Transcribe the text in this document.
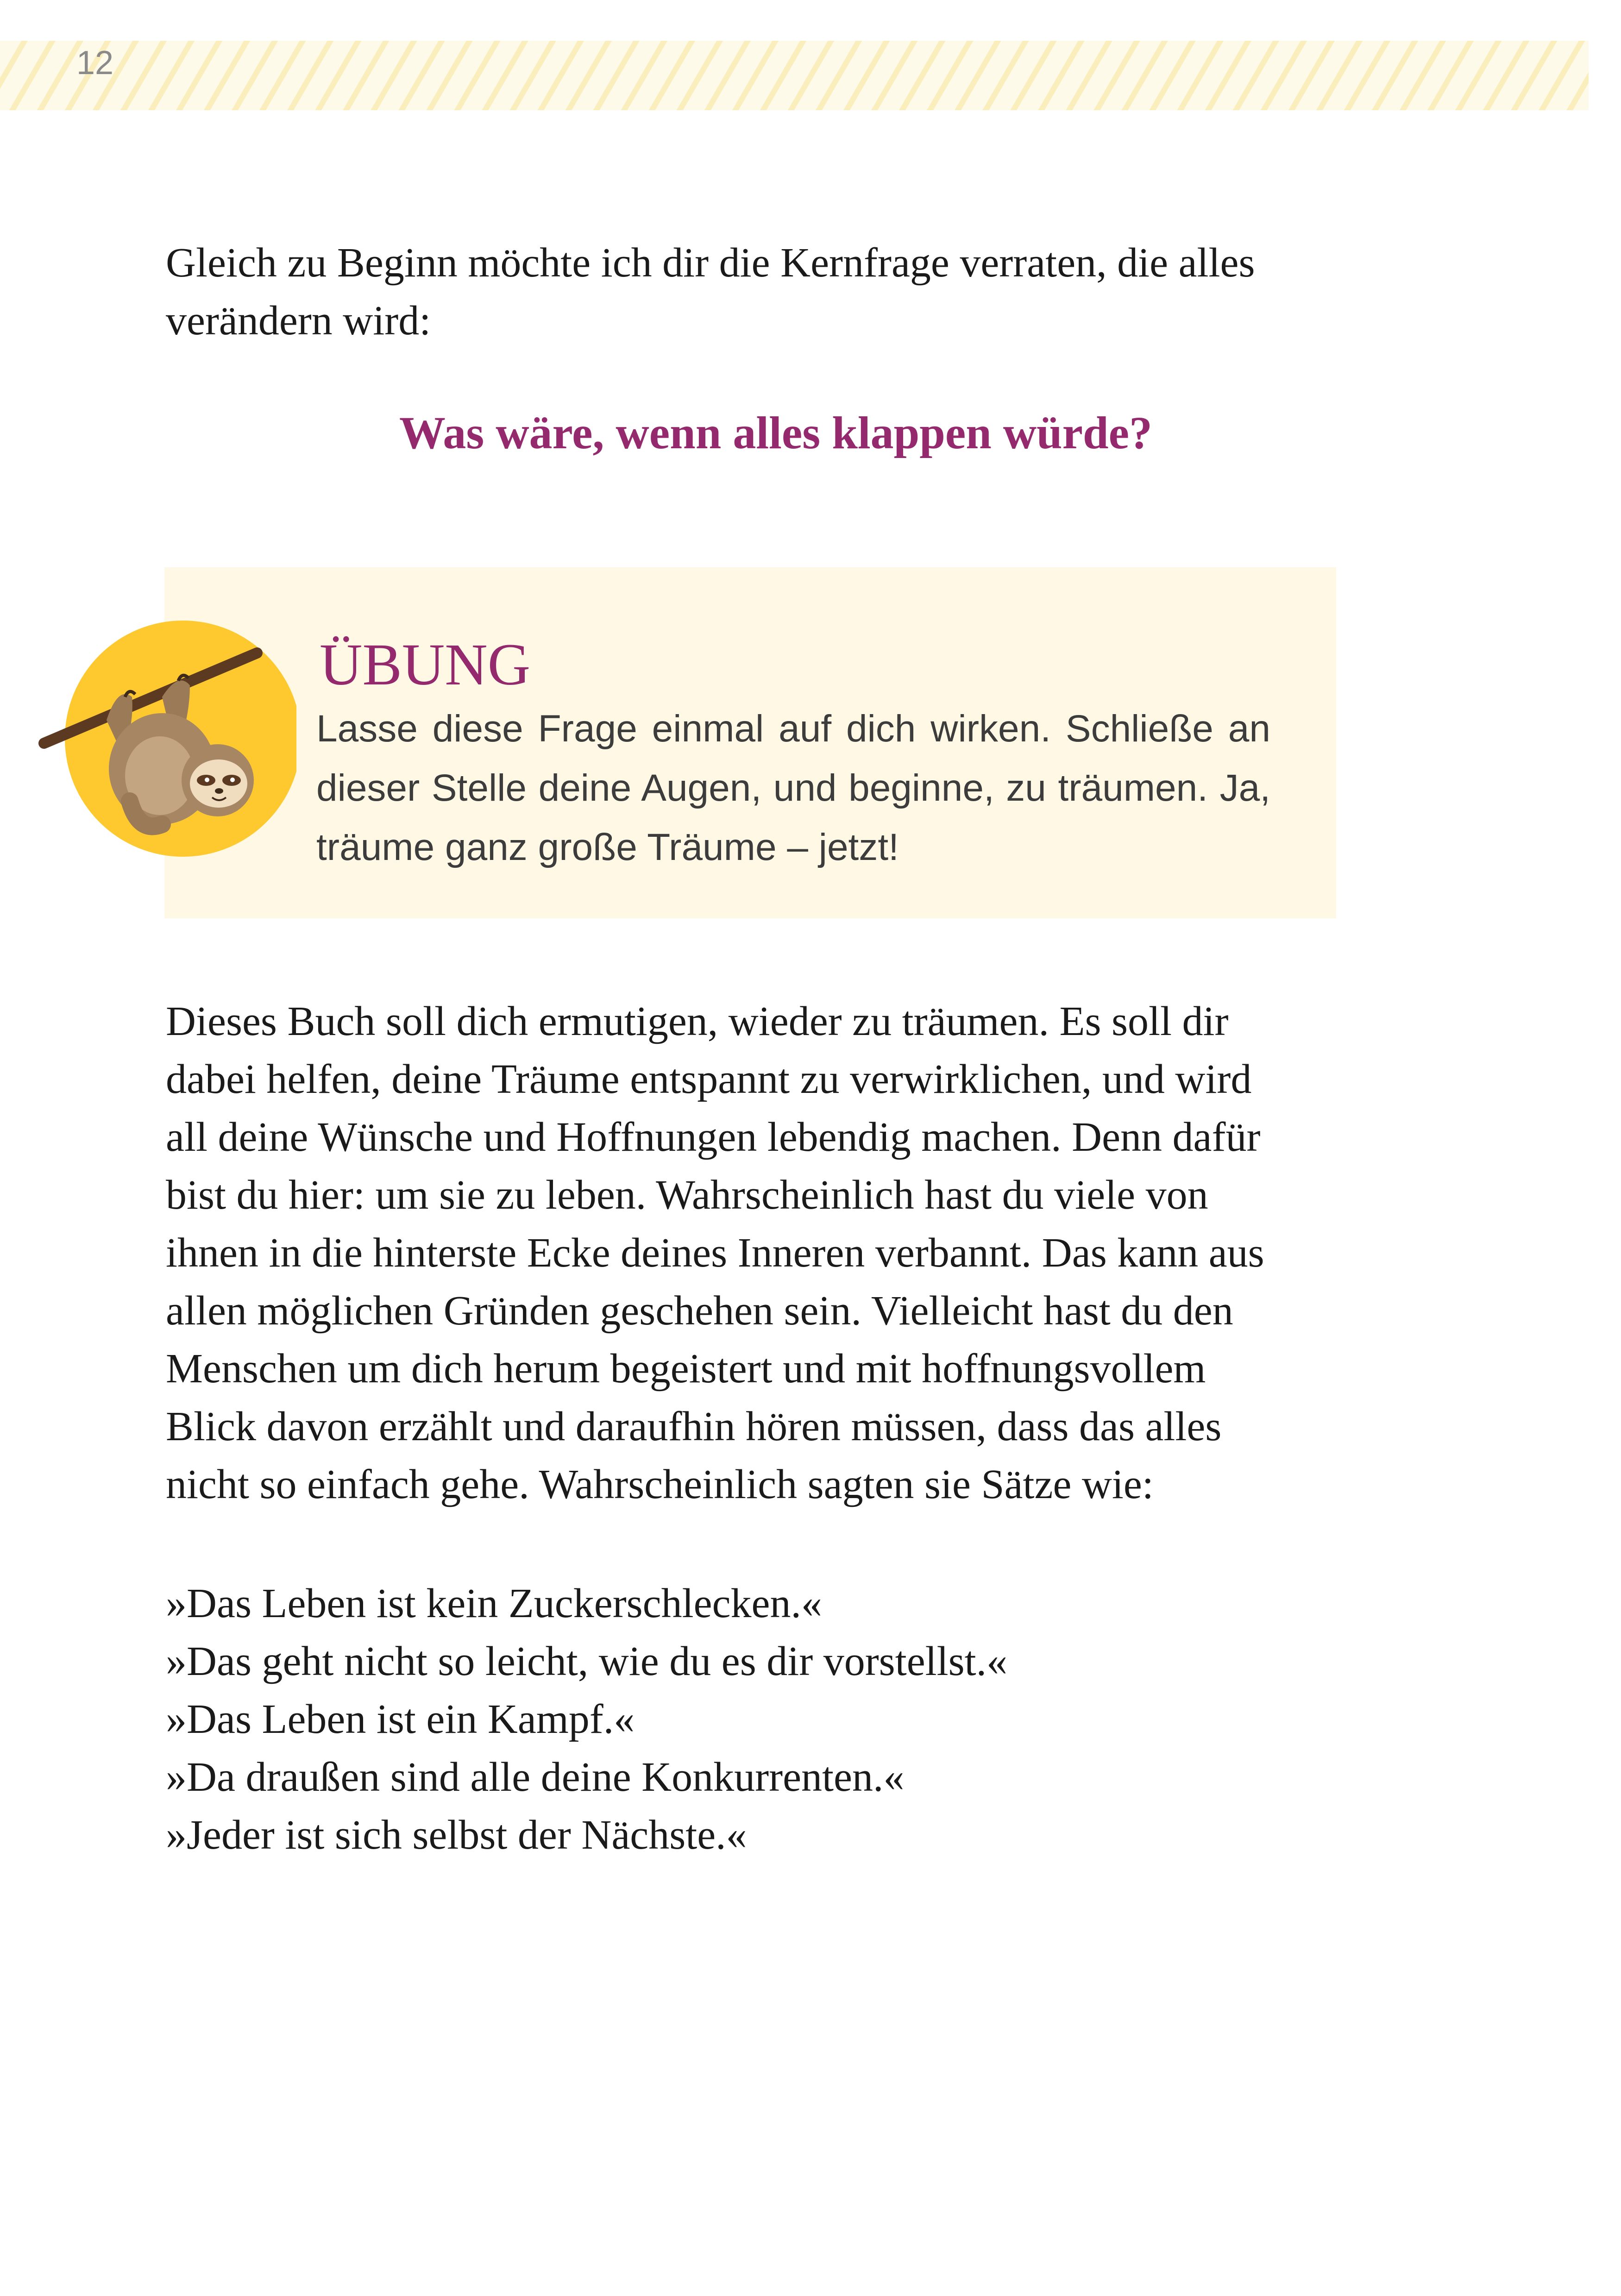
12
Gleich zu Beginn möchte ich dir die Kernfrage verraten, die alles
verändern wird:
Was wäre, wenn alles klappen würde?
ÜBUNG
Lasse diese Frage einmal auf dich wirken. Schließe an dieser Stelle deine Augen, und beginne, zu träumen. Ja, träume ganz große Träume – jetzt!
Dieses Buch soll dich ermutigen, wieder zu träumen. Es soll dir
dabei helfen, deine Träume entspannt zu verwirklichen, und wird
all deine Wünsche und Hoffnungen lebendig machen. Denn dafür
bist du hier: um sie zu leben. Wahrscheinlich hast du viele von
ihnen in die hinterste Ecke deines Inneren verbannt. Das kann aus
allen möglichen Gründen geschehen sein. Vielleicht hast du den
Menschen um dich herum begeistert und mit hoffnungsvollem
Blick davon erzählt und daraufhin hören müssen, dass das alles
nicht so einfach gehe. Wahrscheinlich sagten sie Sätze wie:
»Das Leben ist kein Zuckerschlecken.«
»Das geht nicht so leicht, wie du es dir vorstellst.«
»Das Leben ist ein Kampf.«
»Da draußen sind alle deine Konkurrenten.«
»Jeder ist sich selbst der Nächste.«
